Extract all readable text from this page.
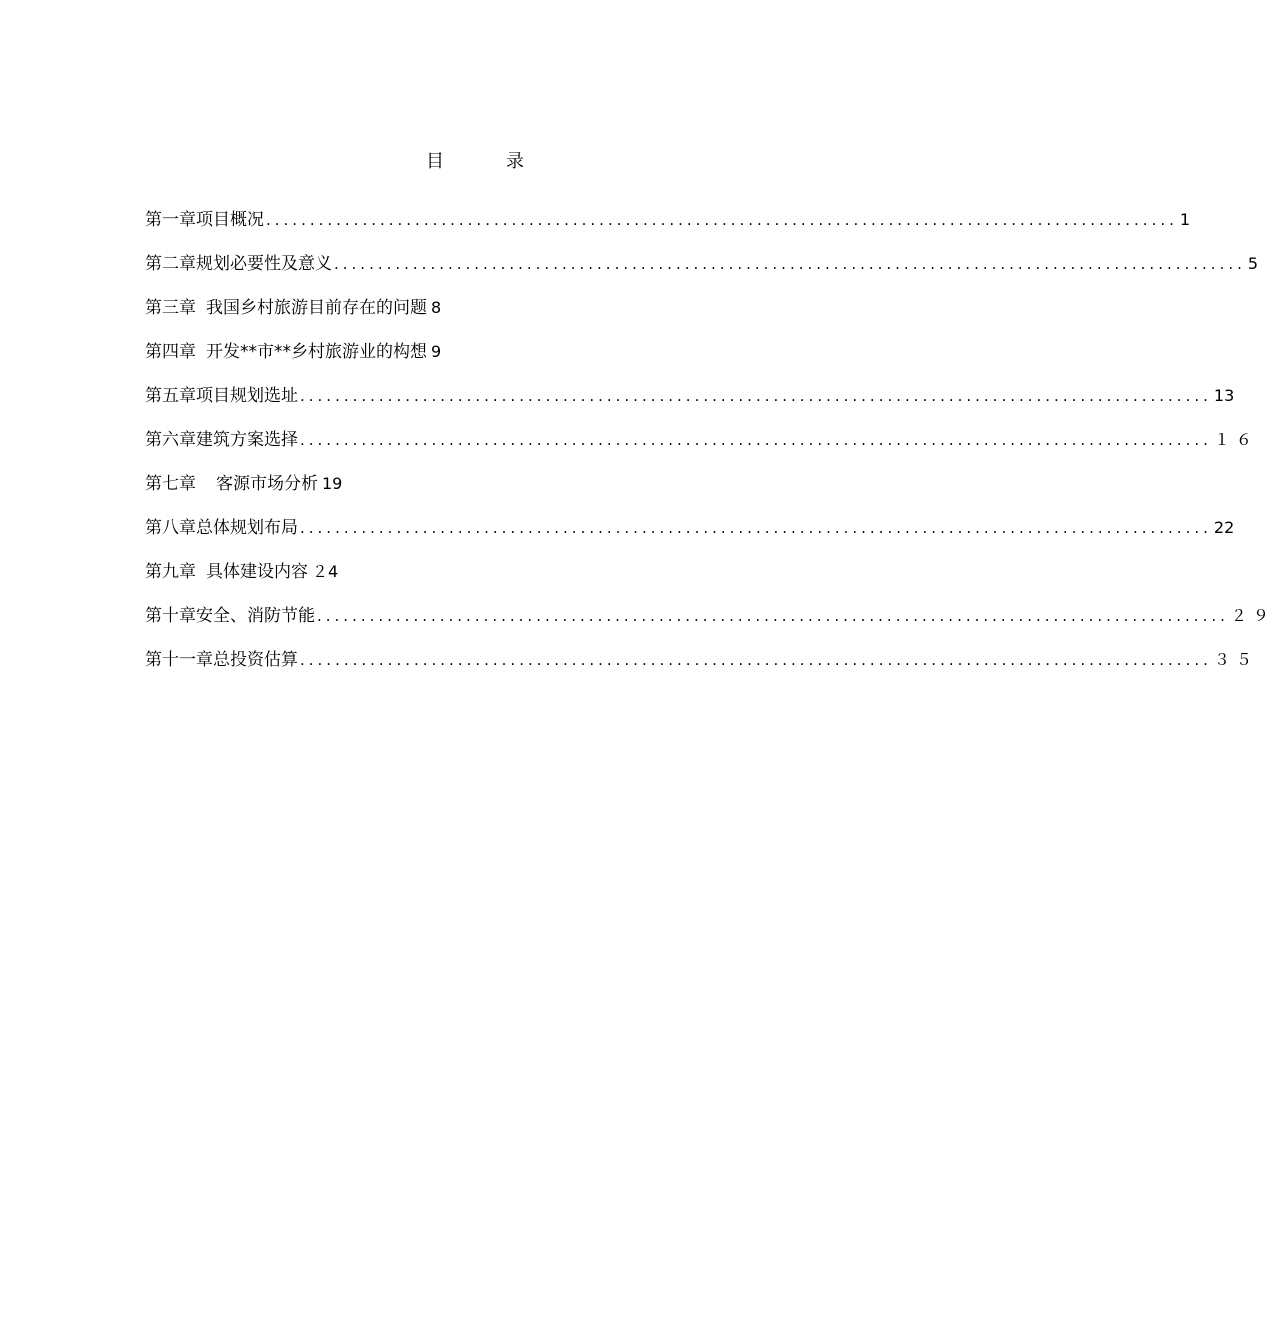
目　录
第一章 项目概况 ........................................................................................................ 1
第二章 规划必要性及意义 ........................................................................................................ 5
第三章 我国乡村旅游目前存在的问题 8
第四章 开发**市**乡村旅游业的构想 9
第五章 项目规划选址 ........................................................................................................ 13
第六章 建筑方案选择 ........................................................................................................ １６
第七章 客源市场分析 19
第八章 总体规划布局 ........................................................................................................ 22
第九章 具体建设内容 ２4
第十章 安全、消防节能 ........................................................................................................ ２９
第十一章 总投资估算 ........................................................................................................ ３５
